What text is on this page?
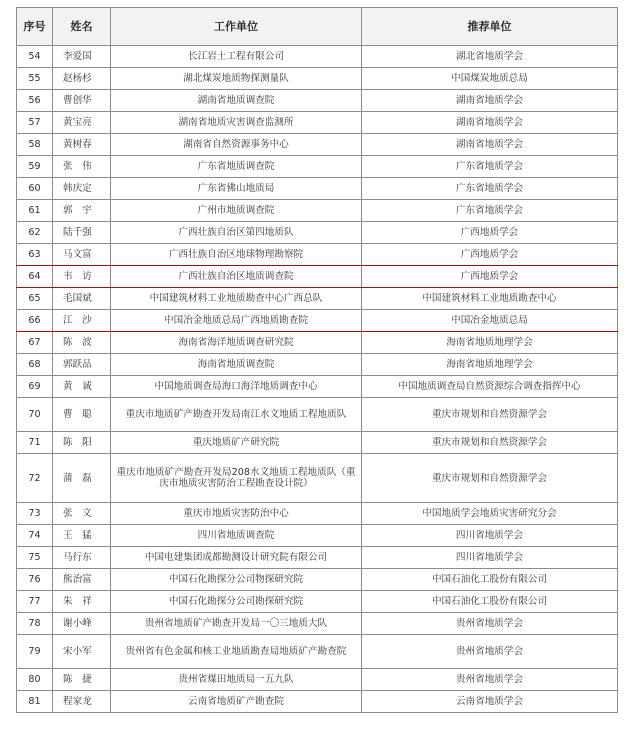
序号	姓名	工作单位	推荐单位
54	李爱国	长江岩土工程有限公司	湖北省地质学会
55	赵杨杉	湖北煤炭地质物探测量队	中国煤炭地质总局
56	曹创华	湖南省地质调查院	湖南省地质学会
57	黄宝亮	湖南省地质灾害调查监测所	湖南省地质学会
58	黄树春	湖南省自然资源事务中心	湖南省地质学会
59	张　伟	广东省地质调查院	广东省地质学会
60	韩庆定	广东省佛山地质局	广东省地质学会
61	郭　宇	广州市地质调查院	广东省地质学会
62	陆千强	广西壮族自治区第四地质队	广西地质学会
63	马文富	广西壮族自治区地球物理勘察院	广西地质学会
64	韦　访	广西壮族自治区地质调查院	广西地质学会
65	毛国斌	中国建筑材料工业地质勘查中心广西总队	中国建筑材料工业地质勘查中心
66	江　沙	中国冶金地质总局广西地质勘查院	中国冶金地质总局
67	陈　波	海南省海洋地质调查研究院	海南省地质地理学会
68	郭跃品	海南省地质调查院	海南省地质地理学会
69	黄　诚	中国地质调查局海口海洋地质调查中心	中国地质调查局自然资源综合调查指挥中心
70	曹　聪	重庆市地质矿产勘查开发局南江水文地质工程地质队	重庆市规划和自然资源学会
71	陈　阳	重庆地质矿产研究院	重庆市规划和自然资源学会
72	蒲　磊	重庆市地质矿产勘查开发局208水文地质工程地质队（重庆市地质灾害防治工程勘查设计院）	重庆市规划和自然资源学会
73	张　文	重庆市地质灾害防治中心	中国地质学会地质灾害研究分会
74	王　猛	四川省地质调查院	四川省地质学会
75	马行东	中国电建集团成都勘测设计研究院有限公司	四川省地质学会
76	熊治富	中国石化勘探分公司物探研究院	中国石油化工股份有限公司
77	朱　祥	中国石化勘探分公司勘探研究院	中国石油化工股份有限公司
78	谢小峰	贵州省地质矿产勘查开发局一〇三地质大队	贵州省地质学会
79	宋小军	贵州省有色金属和核工业地质勘查局地质矿产勘查院	贵州省地质学会
80	陈　捷	贵州省煤田地质局一五九队	贵州省地质学会
81	程家龙	云南省地质矿产勘查院	云南省地质学会
